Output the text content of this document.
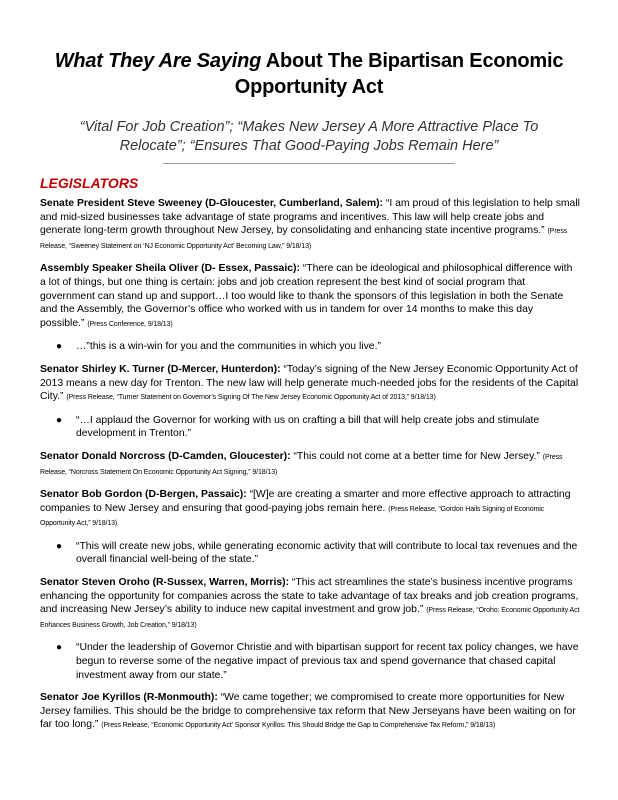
What They Are Saying About The Bipartisan Economic Opportunity Act
“Vital For Job Creation”; “Makes New Jersey A More Attractive Place To Relocate”; “Ensures That Good-Paying Jobs Remain Here”
LEGISLATORS

Senate President Steve Sweeney (D-Gloucester, Cumberland, Salem): “I am proud of this legislation to help small and mid-sized businesses take advantage of state programs and incentives. This law will help create jobs and generate long-term growth throughout New Jersey, by consolidating and enhancing state incentive programs.” (Press Release, “Sweeney Statement on ‘NJ Economic Opportunity Act’ Becoming Law,” 9/18/13)

Assembly Speaker Sheila Oliver (D- Essex, Passaic): “There can be ideological and philosophical difference with a lot of things, but one thing is certain: jobs and job creation represent the best kind of social program that government can stand up and support…I too would like to thank the sponsors of this legislation in both the Senate and the Assembly, the Governor’s office who worked with us in tandem for over 14 months to make this day possible.” (Press Conference, 9/18/13)

● …”this is a win-win for you and the communities in which you live.”

Senator Shirley K. Turner (D-Mercer, Hunterdon): “Today’s signing of the New Jersey Economic Opportunity Act of 2013 means a new day for Trenton. The new law will help generate much-needed jobs for the residents of the Capital City.” (Press Release, “Turner Statement on Governor’s Signing Of The New Jersey Economic Opportunity Act of 2013,” 9/18/13)

● “…I applaud the Governor for working with us on crafting a bill that will help create jobs and stimulate development in Trenton.”

Senator Donald Norcross (D-Camden, Gloucester): “This could not come at a better time for New Jersey.” (Press Release, “Norcross Statement On Economic Opportunity Act Signing,” 9/18/13)

Senator Bob Gordon (D-Bergen, Passaic): “[W]e are creating a smarter and more effective approach to attracting companies to New Jersey and ensuring that good-paying jobs remain here. (Press Release, “Gordon Hails Signing of Economic Opportunity Act,” 9/18/13)

● “This will create new jobs, while generating economic activity that will contribute to local tax revenues and the overall financial well-being of the state.”

Senator Steven Oroho (R-Sussex, Warren, Morris): “This act streamlines the state’s business incentive programs enhancing the opportunity for companies across the state to take advantage of tax breaks and job creation programs, and increasing New Jersey’s ability to induce new capital investment and grow job.” (Press Release, “Oroho: Economic Opportunity Act Enhances Business Growth, Job Creation,” 9/18/13)

● “Under the leadership of Governor Christie and with bipartisan support for recent tax policy changes, we have begun to reverse some of the negative impact of previous tax and spend governance that chased capital investment away from our state.”

Senator Joe Kyrillos (R-Monmouth): “We came together; we compromised to create more opportunities for New Jersey families. This should be the bridge to comprehensive tax reform that New Jerseyans have been waiting on for far too long.” (Press Release, “Economic Opportunity Act’ Sponsor Kyrillos: This Should Bridge the Gap to Comprehensive Tax Reform,” 9/18/13)
